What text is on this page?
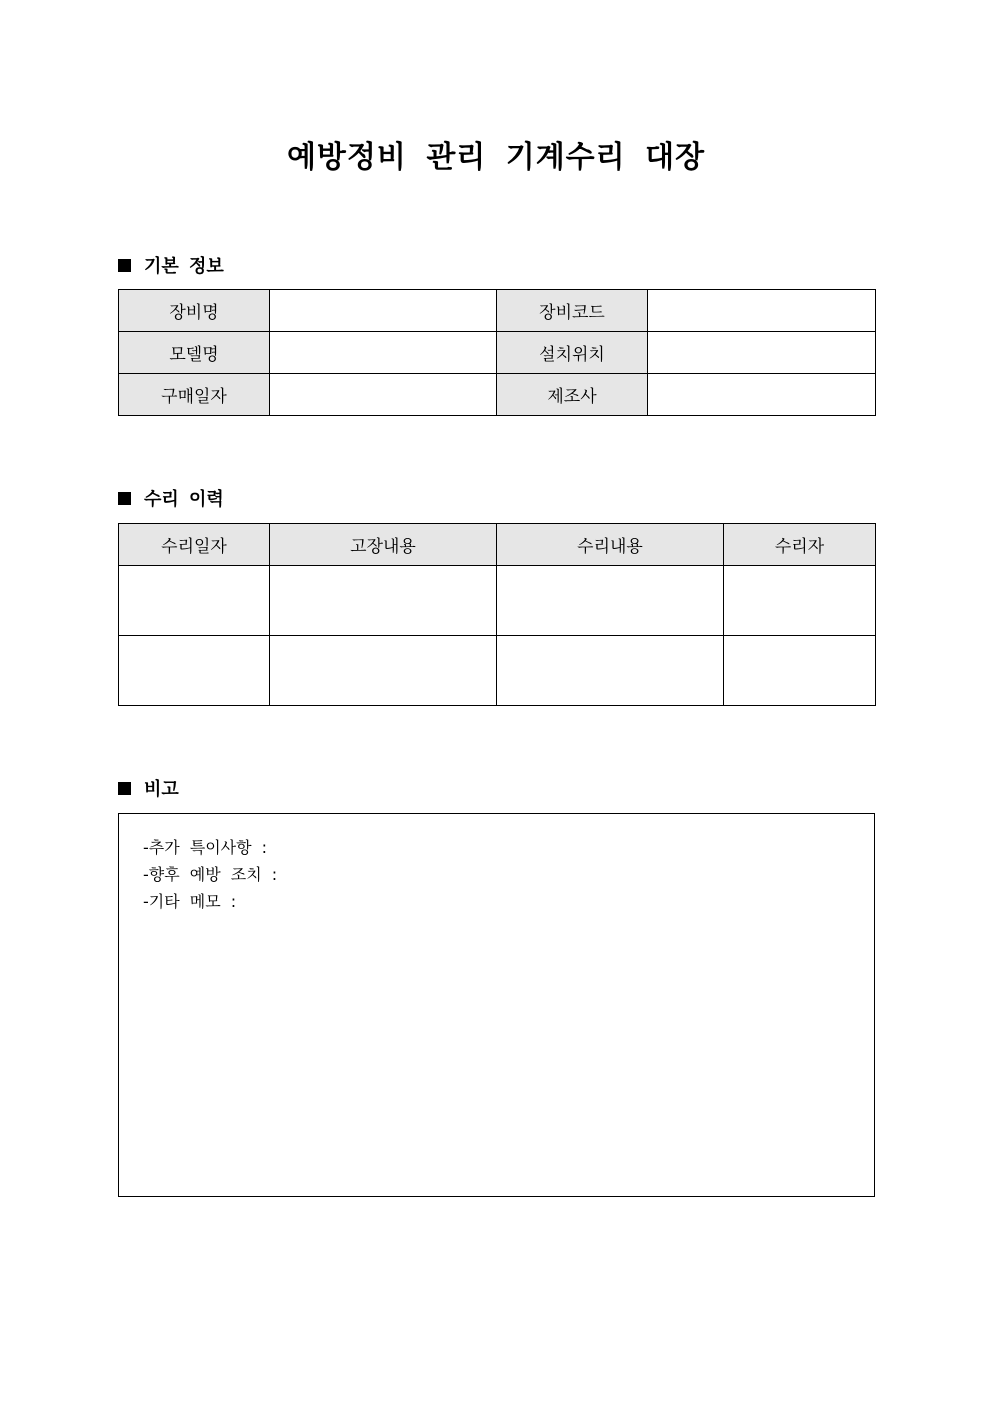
예방정비 관리 기계수리 대장
기본 정보
장비명		장비코드	
모델명		설치위치	
구매일자		제조사	
수리 이력
수리일자	고장내용	수리내용	수리자

비고
-추가 특이사항 :
-향후 예방 조치 :
-기타 메모 :
